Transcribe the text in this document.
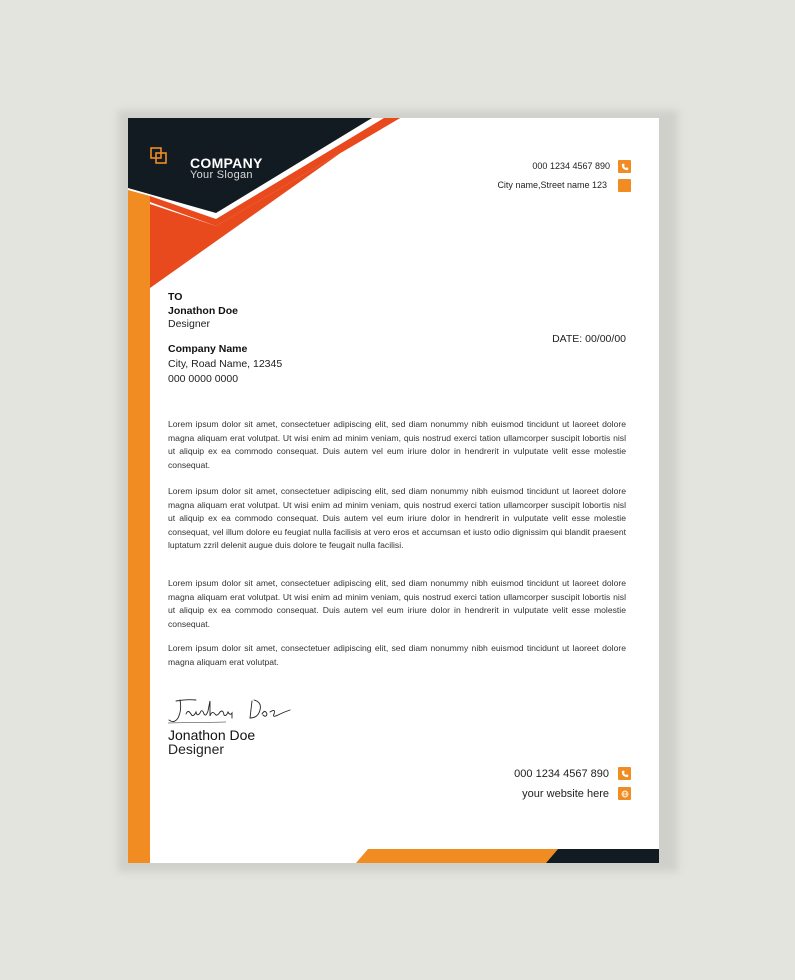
COMPANY
Your Slogan
000 1234 4567 890
City name,Street name 123
TO
Jonathon Doe
Designer
Company Name
City, Road Name, 12345
000 0000 0000
DATE: 00/00/00
Lorem ipsum dolor sit amet, consectetuer adipiscing elit, sed diam nonummy nibh euismod tincidunt ut laoreet dolore magna aliquam erat volutpat. Ut wisi enim ad minim veniam, quis nostrud exerci tation ullamcorper suscipit lobortis nisl ut aliquip ex ea commodo consequat. Duis autem vel eum iriure dolor in hendrerit in vulputate velit esse molestie consequat.
Lorem ipsum dolor sit amet, consectetuer adipiscing elit, sed diam nonummy nibh euismod tincidunt ut laoreet dolore magna aliquam erat volutpat. Ut wisi enim ad minim veniam, quis nostrud exerci tation ullamcorper suscipit lobortis nisl ut aliquip ex ea commodo consequat. Duis autem vel eum iriure dolor in hendrerit in vulputate velit esse molestie consequat, vel illum dolore eu feugiat nulla facilisis at vero eros et accumsan et iusto odio dignissim qui blandit praesent luptatum zzril delenit augue duis dolore te feugait nulla facilisi.
Lorem ipsum dolor sit amet, consectetuer adipiscing elit, sed diam nonummy nibh euismod tincidunt ut laoreet dolore magna aliquam erat volutpat. Ut wisi enim ad minim veniam, quis nostrud exerci tation ullamcorper suscipit lobortis nisl ut aliquip ex ea commodo consequat. Duis autem vel eum iriure dolor in hendrerit in vulputate velit esse molestie consequat.
Lorem ipsum dolor sit amet, consectetuer adipiscing elit, sed diam nonummy nibh euismod tincidunt ut laoreet dolore magna aliquam erat volutpat.
Jonathon Doe
Designer
000 1234 4567 890
your website here
